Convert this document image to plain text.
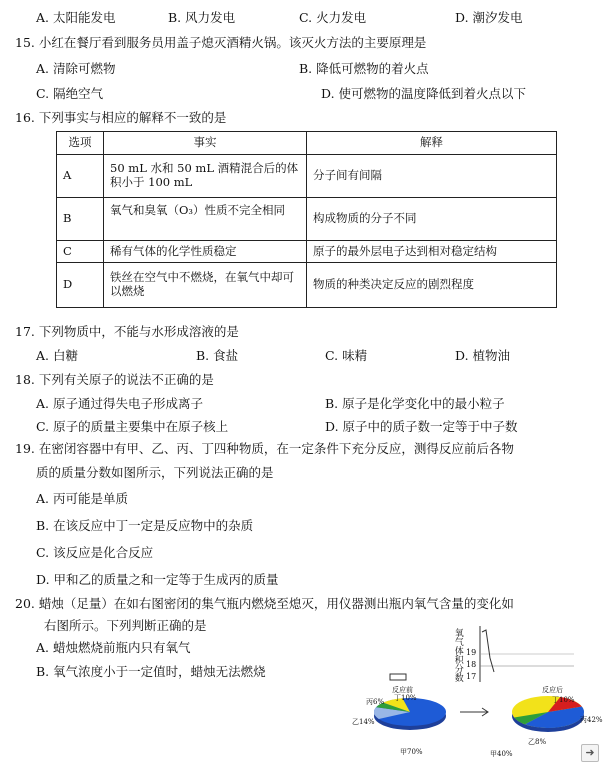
A. 太阳能发电	B. 风力发电	C. 火力发电	D. 潮汐发电
15. 小红在餐厅看到服务员用盖子熄灭酒精火锅。该灭火方法的主要原理是
A. 清除可燃物	B. 降低可燃物的着火点
C. 隔绝空气	D. 使可燃物的温度降低到着火点以下
16. 下列事实与相应的解释不一致的是
选项	事实	解释
A	50 mL 水和 50 mL 酒精混合后的体积小于 100 mL	分子间有间隔
B	氧气和臭氧（O₃）性质不完全相同	构成物质的分子不同
C	稀有气体的化学性质稳定	原子的最外层电子达到相对稳定结构
D	铁丝在空气中不燃烧，在氧气中却可以燃烧	物质的种类决定反应的剧烈程度
17. 下列物质中，不能与水形成溶液的是
A. 白糖	B. 食盐	C. 味精	D. 植物油
18. 下列有关原子的说法不正确的是
A. 原子通过得失电子形成离子	B. 原子是化学变化中的最小粒子
C. 原子的质量主要集中在原子核上	D. 原子中的质子数一定等于中子数
19. 在密闭容器中有甲、乙、丙、丁四种物质，在一定条件下充分反应，测得反应前后各物
质的质量分数如图所示，下列说法正确的是
A. 丙可能是单质
B. 在该反应中丁一定是反应物中的杂质
C. 该反应是化合反应
D. 甲和乙的质量之和一定等于生成丙的质量
20. 蜡烛（足量）在如右图密闭的集气瓶内燃烧至熄灭，用仪器测出瓶内氧气含量的变化如
右图所示。下列判断正确的是
A. 蜡烛燃烧前瓶内只有氧气
B. 氧气浓度小于一定值时，蜡烛无法燃烧	氧气体积分数 19
18
17
反应前
丙6% 丁10%
乙14%
甲70%
反应后
丁10%
丙42%
乙8%
甲40%	➜
